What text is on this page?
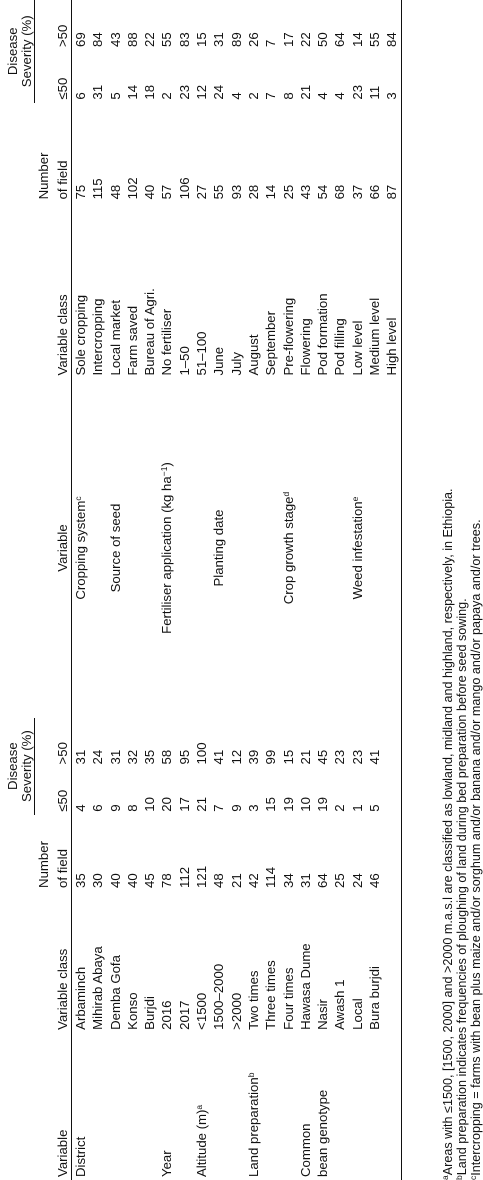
			Disease
Severity (%)					Disease
Severity (%)	
		Number					Number		
Variable	Variable class	of field	≤50	>50	Variable	Variable class	of field	≤50	>50
District	Arbaminch	35	4	31	Cropping system$^c$	Sole cropping	75	6	69
	Mihirab Abaya	30	6	24		Intercropping	115	31	84
	Demba Gofa	40	9	31	Source of seed	Local market	48	5	43
	Konso	40	8	32		Farm saved	102	14	88
	Burjdi	45	10	35		Bureau of Agri.	40	18	22
Year	2016	78	20	58	Fertiliser application (kg $ha^{-1}$)	No fertiliser	57	2	55
	2017	112	17	95		1–50	106	23	83
Altitude $(m)^a$	<1500	121	21	100		51–100	27	12	15
	1500–2000	48	7	41	Planting date	June	55	24	31
	>2000	21	9	12		July	93	4	89
Land preparation$^b$	Two times	42	3	39		August	28	2	26
	Three times	114	15	99		September	14	7	7
	Four times	34	19	15	Crop growth stage$^d$	Pre-flowering	25	8	17
Common	Hawasa Dume	31	10	21		Flowering	43	21	22
bean genotype	Nasir	64	19	45		Pod formation	54	4	50
	Awash 1	25	2	23		Pod filling	68	4	64
	Local	24	1	23	Weed infestation$^e$	Low level	37	23	14
	Bura burjdi	46	5	41		Medium level	66	11	55
						High level	87	3	84
$^a$Areas with ≤1500, [1500, 2000] and >2000 m.a.s.l are classified as lowland, midland and highland, respectively, in Ethiopia.
$^b$Land preparation indicates frequencies of ploughing of land during bed preparation before seed sowing.
$^c$Intercropping = farms with bean plus maize and/or sorghum and/or banana and/or mango and/or papaya and/or trees.
